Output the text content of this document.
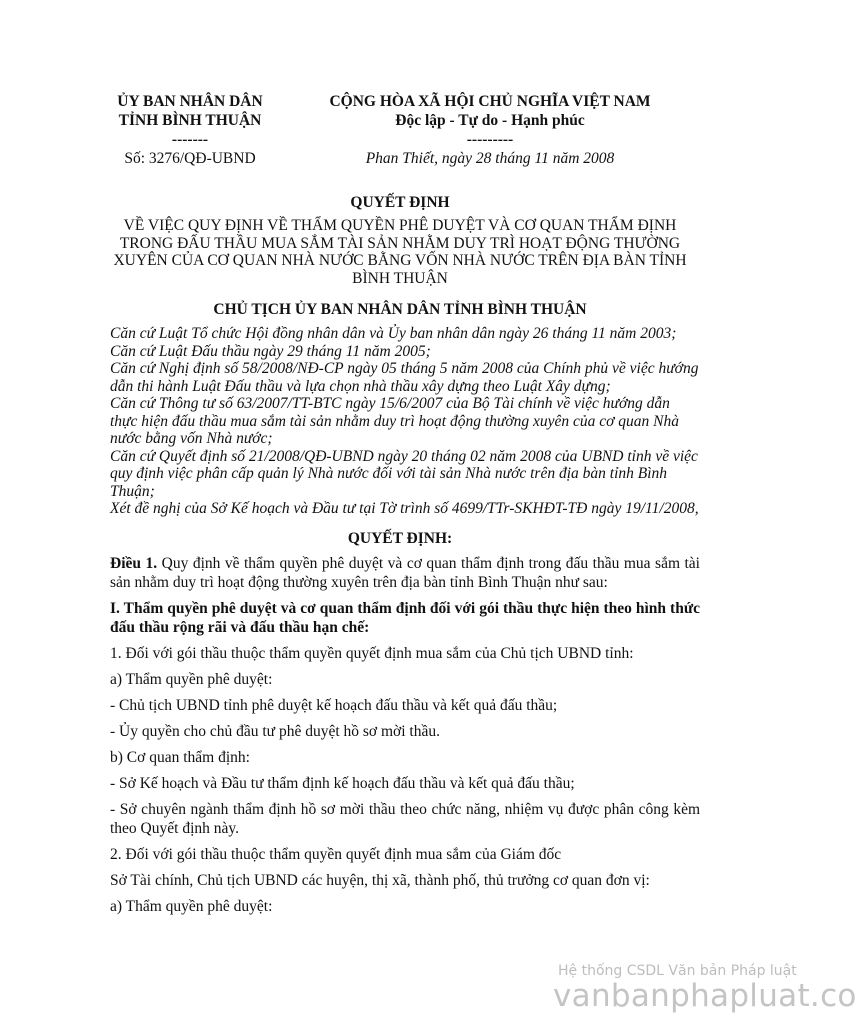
ỦY BAN NHÂN DÂN
TỈNH BÌNH THUẬN
-------
Số: 3276/QĐ-UBND
CỘNG HÒA XÃ HỘI CHỦ NGHĨA VIỆT NAM
Độc lập - Tự do - Hạnh phúc
---------
Phan Thiết, ngày 28 tháng 11 năm 2008
QUYẾT ĐỊNH
VỀ VIỆC QUY ĐỊNH VỀ THẨM QUYỀN PHÊ DUYỆT VÀ CƠ QUAN THẨM ĐỊNH
TRONG ĐẤU THẦU MUA SẮM TÀI SẢN NHẰM DUY TRÌ HOẠT ĐỘNG THƯỜNG
XUYÊN CỦA CƠ QUAN NHÀ NƯỚC BẰNG VỐN NHÀ NƯỚC TRÊN ĐỊA BÀN TỈNH
BÌNH THUẬN
CHỦ TỊCH ỦY BAN NHÂN DÂN TỈNH BÌNH THUẬN

Căn cứ Luật Tổ chức Hội đồng nhân dân và Ủy ban nhân dân ngày 26 tháng 11 năm 2003;

Căn cứ Luật Đấu thầu ngày 29 tháng 11 năm 2005;

Căn cứ Nghị định số 58/2008/NĐ-CP ngày 05 tháng 5 năm 2008 của Chính phủ về việc hướng dẫn thi hành Luật Đấu thầu và lựa chọn nhà thầu xây dựng theo Luật Xây dựng;

Căn cứ Thông tư số 63/2007/TT-BTC ngày 15/6/2007 của Bộ Tài chính về việc hướng dẫn thực hiện đấu thầu mua sắm tài sản nhằm duy trì hoạt động thường xuyên của cơ quan Nhà nước bằng vốn Nhà nước;

Căn cứ Quyết định số 21/2008/QĐ-UBND ngày 20 tháng 02 năm 2008 của UBND tỉnh về việc quy định việc phân cấp quản lý Nhà nước đối với tài sản Nhà nước trên địa bàn tỉnh Bình Thuận;

Xét đề nghị của Sở Kế hoạch và Đầu tư tại Tờ trình số 4699/TTr-SKHĐT-TĐ ngày 19/11/2008,

QUYẾT ĐỊNH:

Điều 1. Quy định về thẩm quyền phê duyệt và cơ quan thẩm định trong đấu thầu mua sắm tài sản nhằm duy trì hoạt động thường xuyên trên địa bàn tỉnh Bình Thuận như sau:

I. Thẩm quyền phê duyệt và cơ quan thẩm định đối với gói thầu thực hiện theo hình thức đấu thầu rộng rãi và đấu thầu hạn chế:

1. Đối với gói thầu thuộc thẩm quyền quyết định mua sắm của Chủ tịch UBND tỉnh:

a) Thẩm quyền phê duyệt:

- Chủ tịch UBND tỉnh phê duyệt kế hoạch đấu thầu và kết quả đấu thầu;

- Ủy quyền cho chủ đầu tư phê duyệt hồ sơ mời thầu.

b) Cơ quan thẩm định:

- Sở Kế hoạch và Đầu tư thẩm định kế hoạch đấu thầu và kết quả đấu thầu;

- Sở chuyên ngành thẩm định hồ sơ mời thầu theo chức năng, nhiệm vụ được phân công kèm theo Quyết định này.

2. Đối với gói thầu thuộc thẩm quyền quyết định mua sắm của Giám đốc

Sở Tài chính, Chủ tịch UBND các huyện, thị xã, thành phố, thủ trưởng cơ quan đơn vị:

a) Thẩm quyền phê duyệt:

Hệ thống CSDL Văn bản Pháp luật
vanbanphapluat.co
